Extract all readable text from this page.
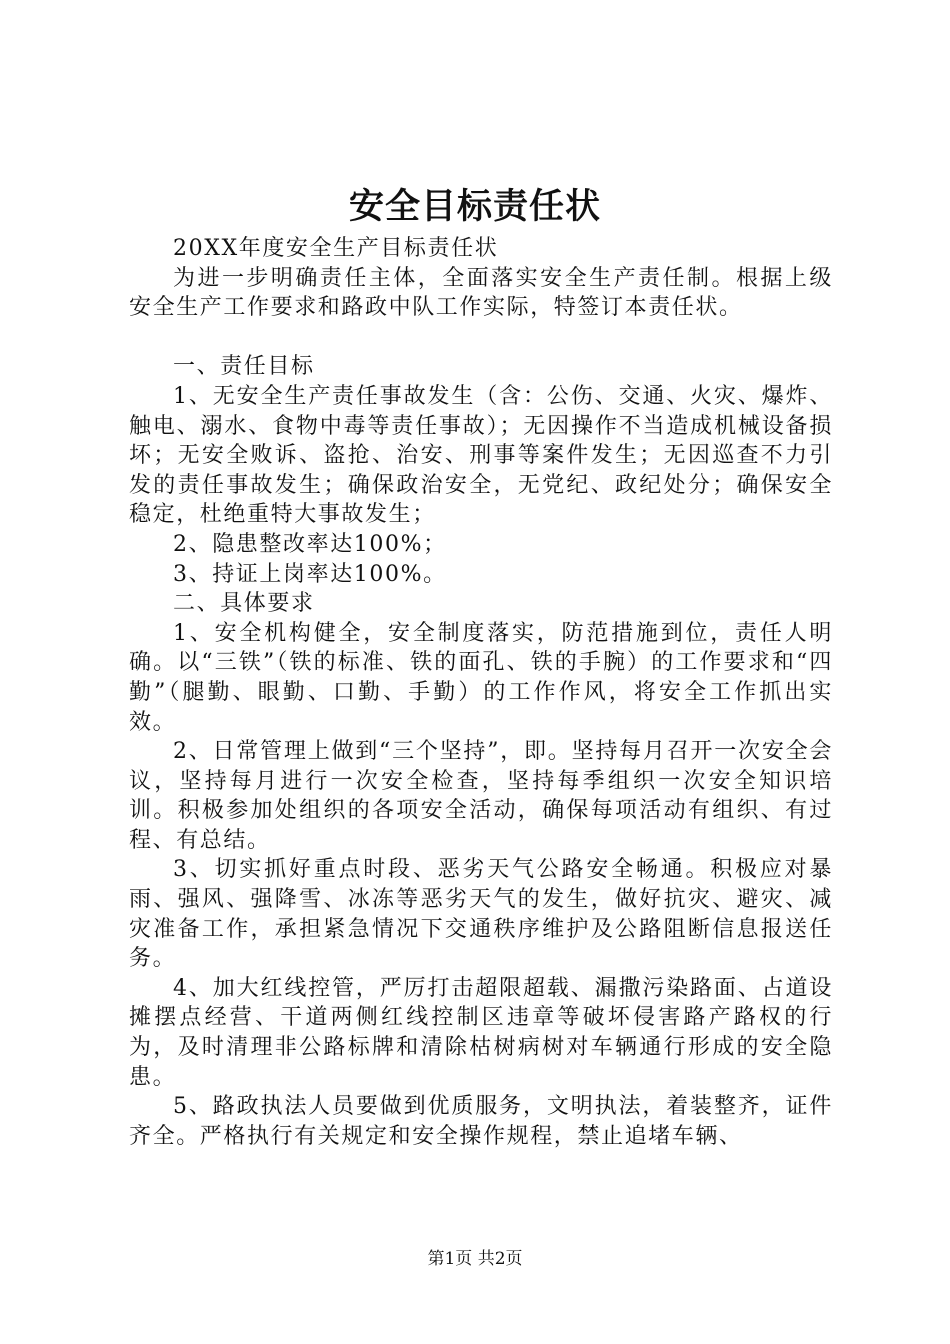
安全目标责任状

20XX年度安全生产目标责任状

为进一步明确责任主体，全面落实安全生产责任制。根据上级安全生产工作要求和路政中队工作实际，特签订本责任状。

一、责任目标

1、无安全生产责任事故发生（含：公伤、交通、火灾、爆炸、触电、溺水、食物中毒等责任事故）；无因操作不当造成机械设备损坏；无安全败诉、盗抢、治安、刑事等案件发生；无因巡查不力引发的责任事故发生；确保政治安全，无党纪、政纪处分；确保安全稳定，杜绝重特大事故发生；

2、隐患整改率达100%；

3、持证上岗率达100%。

二、具体要求

1、安全机构健全，安全制度落实，防范措施到位，责任人明确。以“三铁”（铁的标准、铁的面孔、铁的手腕）的工作要求和“四勤”（腿勤、眼勤、口勤、手勤）的工作作风，将安全工作抓出实效。

2、日常管理上做到“三个坚持”，即。坚持每月召开一次安全会议，坚持每月进行一次安全检查，坚持每季组织一次安全知识培训。积极参加处组织的各项安全活动，确保每项活动有组织、有过程、有总结。

3、切实抓好重点时段、恶劣天气公路安全畅通。积极应对暴雨、强风、强降雪、冰冻等恶劣天气的发生，做好抗灾、避灾、减灾准备工作，承担紧急情况下交通秩序维护及公路阻断信息报送任务。

4、加大红线控管，严厉打击超限超载、漏撒污染路面、占道设摊摆点经营、干道两侧红线控制区违章等破坏侵害路产路权的行为，及时清理非公路标牌和清除枯树病树对车辆通行形成的安全隐患。

5、路政执法人员要做到优质服务，文明执法，着装整齐，证件齐全。严格执行有关规定和安全操作规程，禁止追堵车辆、

第1页 共2页
